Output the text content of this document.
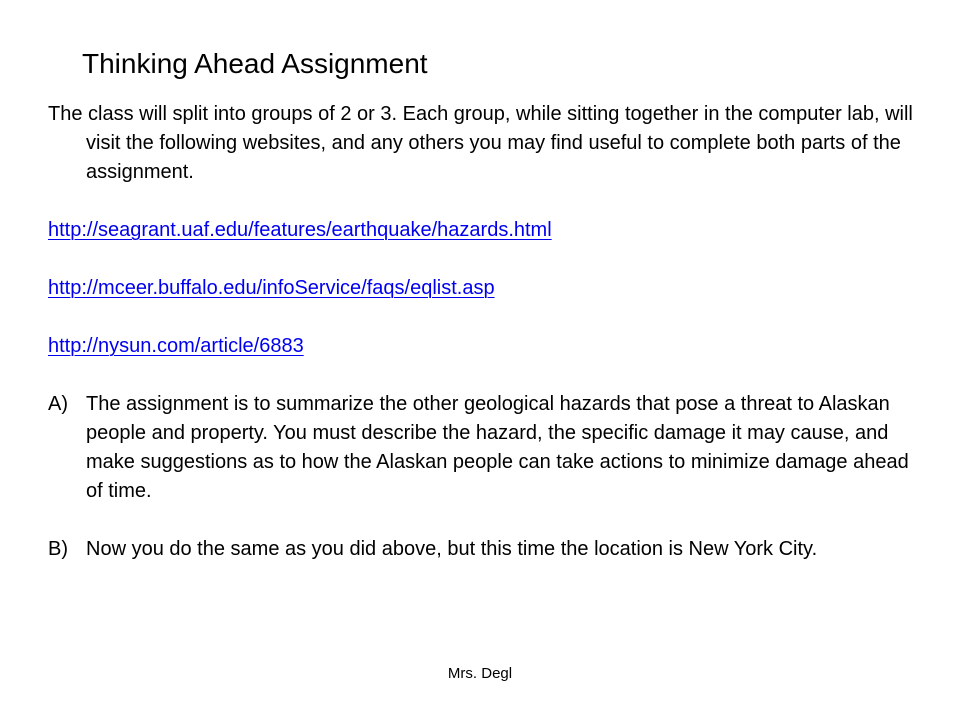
Thinking Ahead Assignment

The class will split into groups of 2 or 3. Each group, while sitting together in the computer lab, will visit the following websites, and any others you may find useful to complete both parts of the assignment.

http://seagrant.uaf.edu/features/earthquake/hazards.html

http://mceer.buffalo.edu/infoService/faqs/eqlist.asp

http://nysun.com/article/6883

A) The assignment is to summarize the other geological hazards that pose a threat to Alaskan people and property. You must describe the hazard, the specific damage it may cause, and make suggestions as to how the Alaskan people can take actions to minimize damage ahead of time.

B) Now you do the same as you did above, but this time the location is New York City.

Mrs. Degl
